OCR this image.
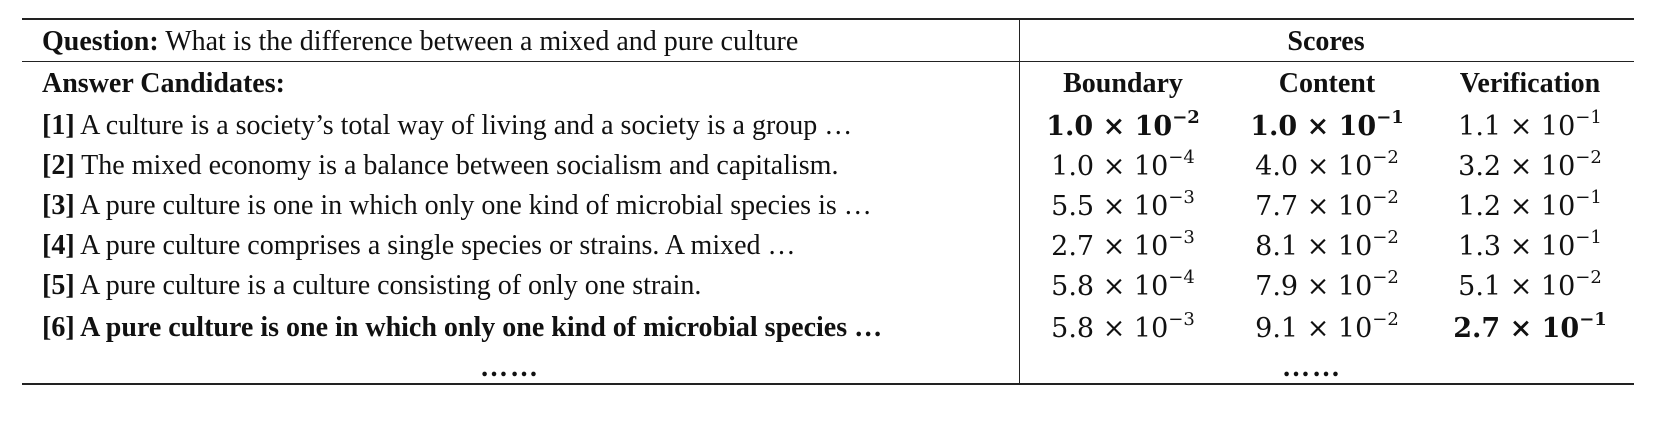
Question: What is the difference between a mixed and pure culture	Scores
Answer Candidates:	Boundary	Content	Verification
[1] A culture is a society’s total way of living and a society is a group …	$1.0 \times 10^{-2}$	$1.0 \times 10^{-1}$	$1.1 \times 10^{-1}$
[2] The mixed economy is a balance between socialism and capitalism.	$1.0 \times 10^{-4}$	$4.0 \times 10^{-2}$	$3.2 \times 10^{-2}$
[3] A pure culture is one in which only one kind of microbial species is …	$5.5 \times 10^{-3}$	$7.7 \times 10^{-2}$	$1.2 \times 10^{-1}$
[4] A pure culture comprises a single species or strains. A mixed …	$2.7 \times 10^{-3}$	$8.1 \times 10^{-2}$	$1.3 \times 10^{-1}$
[5] A pure culture is a culture consisting of only one strain.	$5.8 \times 10^{-4}$	$7.9 \times 10^{-2}$	$5.1 \times 10^{-2}$
[6] A pure culture is one in which only one kind of microbial species …	$5.8 \times 10^{-3}$	$9.1 \times 10^{-2}$	$2.7 \times 10^{-1}$
……	……
